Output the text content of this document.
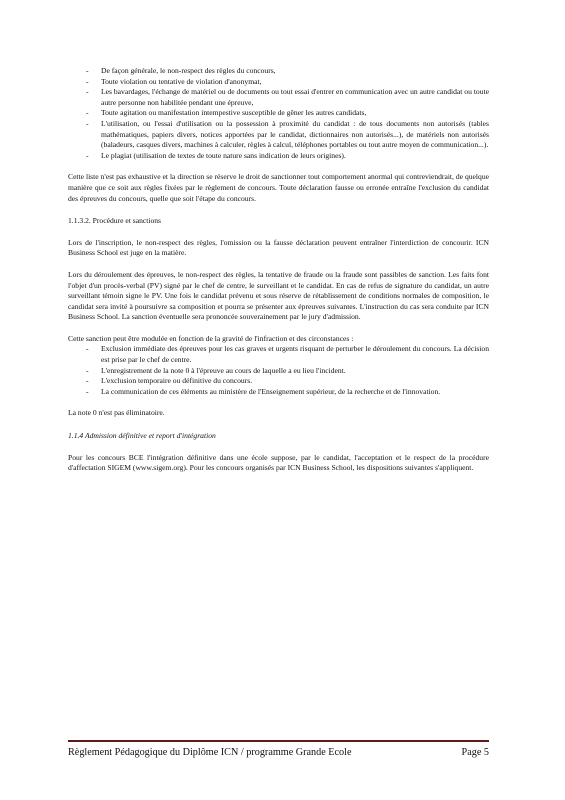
- De façon générale, le non-respect des règles du concours,
- Toute violation ou tentative de violation d'anonymat,
- Les bavardages, l'échange de matériel ou de documents ou tout essai d'entrer en communication avec un autre candidat ou toute autre personne non habilitée pendant une épreuve,
- Toute agitation ou manifestation intempestive susceptible de gêner les autres candidats,
- L'utilisation, ou l'essai d'utilisation ou la possession à proximité du candidat : de tous documents non autorisés (tables mathématiques, papiers divers, notices apportées par le candidat, dictionnaires non autorisés...), de matériels non autorisés (baladeurs, casques divers, machines à calculer, règles à calcul, téléphones portables ou tout autre moyen de communication...).
- Le plagiat (utilisation de textes de toute nature sans indication de leurs origines).

Cette liste n'est pas exhaustive et la direction se réserve le droit de sanctionner tout comportement anormal qui contreviendrait, de quelque manière que ce soit aux règles fixées par le règlement de concours. Toute déclaration fausse ou erronée entraîne l'exclusion du candidat des épreuves du concours, quelle que soit l'étape du concours.

1.1.3.2. Procédure et sanctions

Lors de l'inscription, le non-respect des règles, l'omission ou la fausse déclaration peuvent entraîner l'interdiction de concourir. ICN Business School est juge en la matière.

Lors du déroulement des épreuves, le non-respect des règles, la tentative de fraude ou la fraude sont passibles de sanction. Les faits font l'objet d'un procès-verbal (PV) signé par le chef de centre, le surveillant et le candidat. En cas de refus de signature du candidat, un autre surveillant témoin signe le PV. Une fois le candidat prévenu et sous réserve de rétablissement de conditions normales de composition, le candidat sera invité à poursuivre sa composition et pourra se présenter aux épreuves suivantes. L'instruction du cas sera conduite par ICN Business School. La sanction éventuelle sera prononcée souverainement par le jury d'admission.

Cette sanction peut être modulée en fonction de la gravité de l'infraction et des circonstances :

- Exclusion immédiate des épreuves pour les cas graves et urgents risquant de perturber le déroulement du concours. La décision est prise par le chef de centre.
- L'enregistrement de la note 0 à l'épreuve au cours de laquelle a eu lieu l'incident.
- L'exclusion temporaire ou définitive du concours.
- La communication de ces éléments au ministère de l'Enseignement supérieur, de la recherche et de l'innovation.

La note 0 n'est pas éliminatoire.

1.1.4 Admission définitive et report d'intégration

Pour les concours BCE l'intégration définitive dans une école suppose, par le candidat, l'acceptation et le respect de la procédure d'affectation SIGEM (www.sigem.org). Pour les concours organisés par ICN Business School, les dispositions suivantes s'appliquent.

Règlement Pédagogique du Diplôme ICN / programme Grande Ecole	Page 5
